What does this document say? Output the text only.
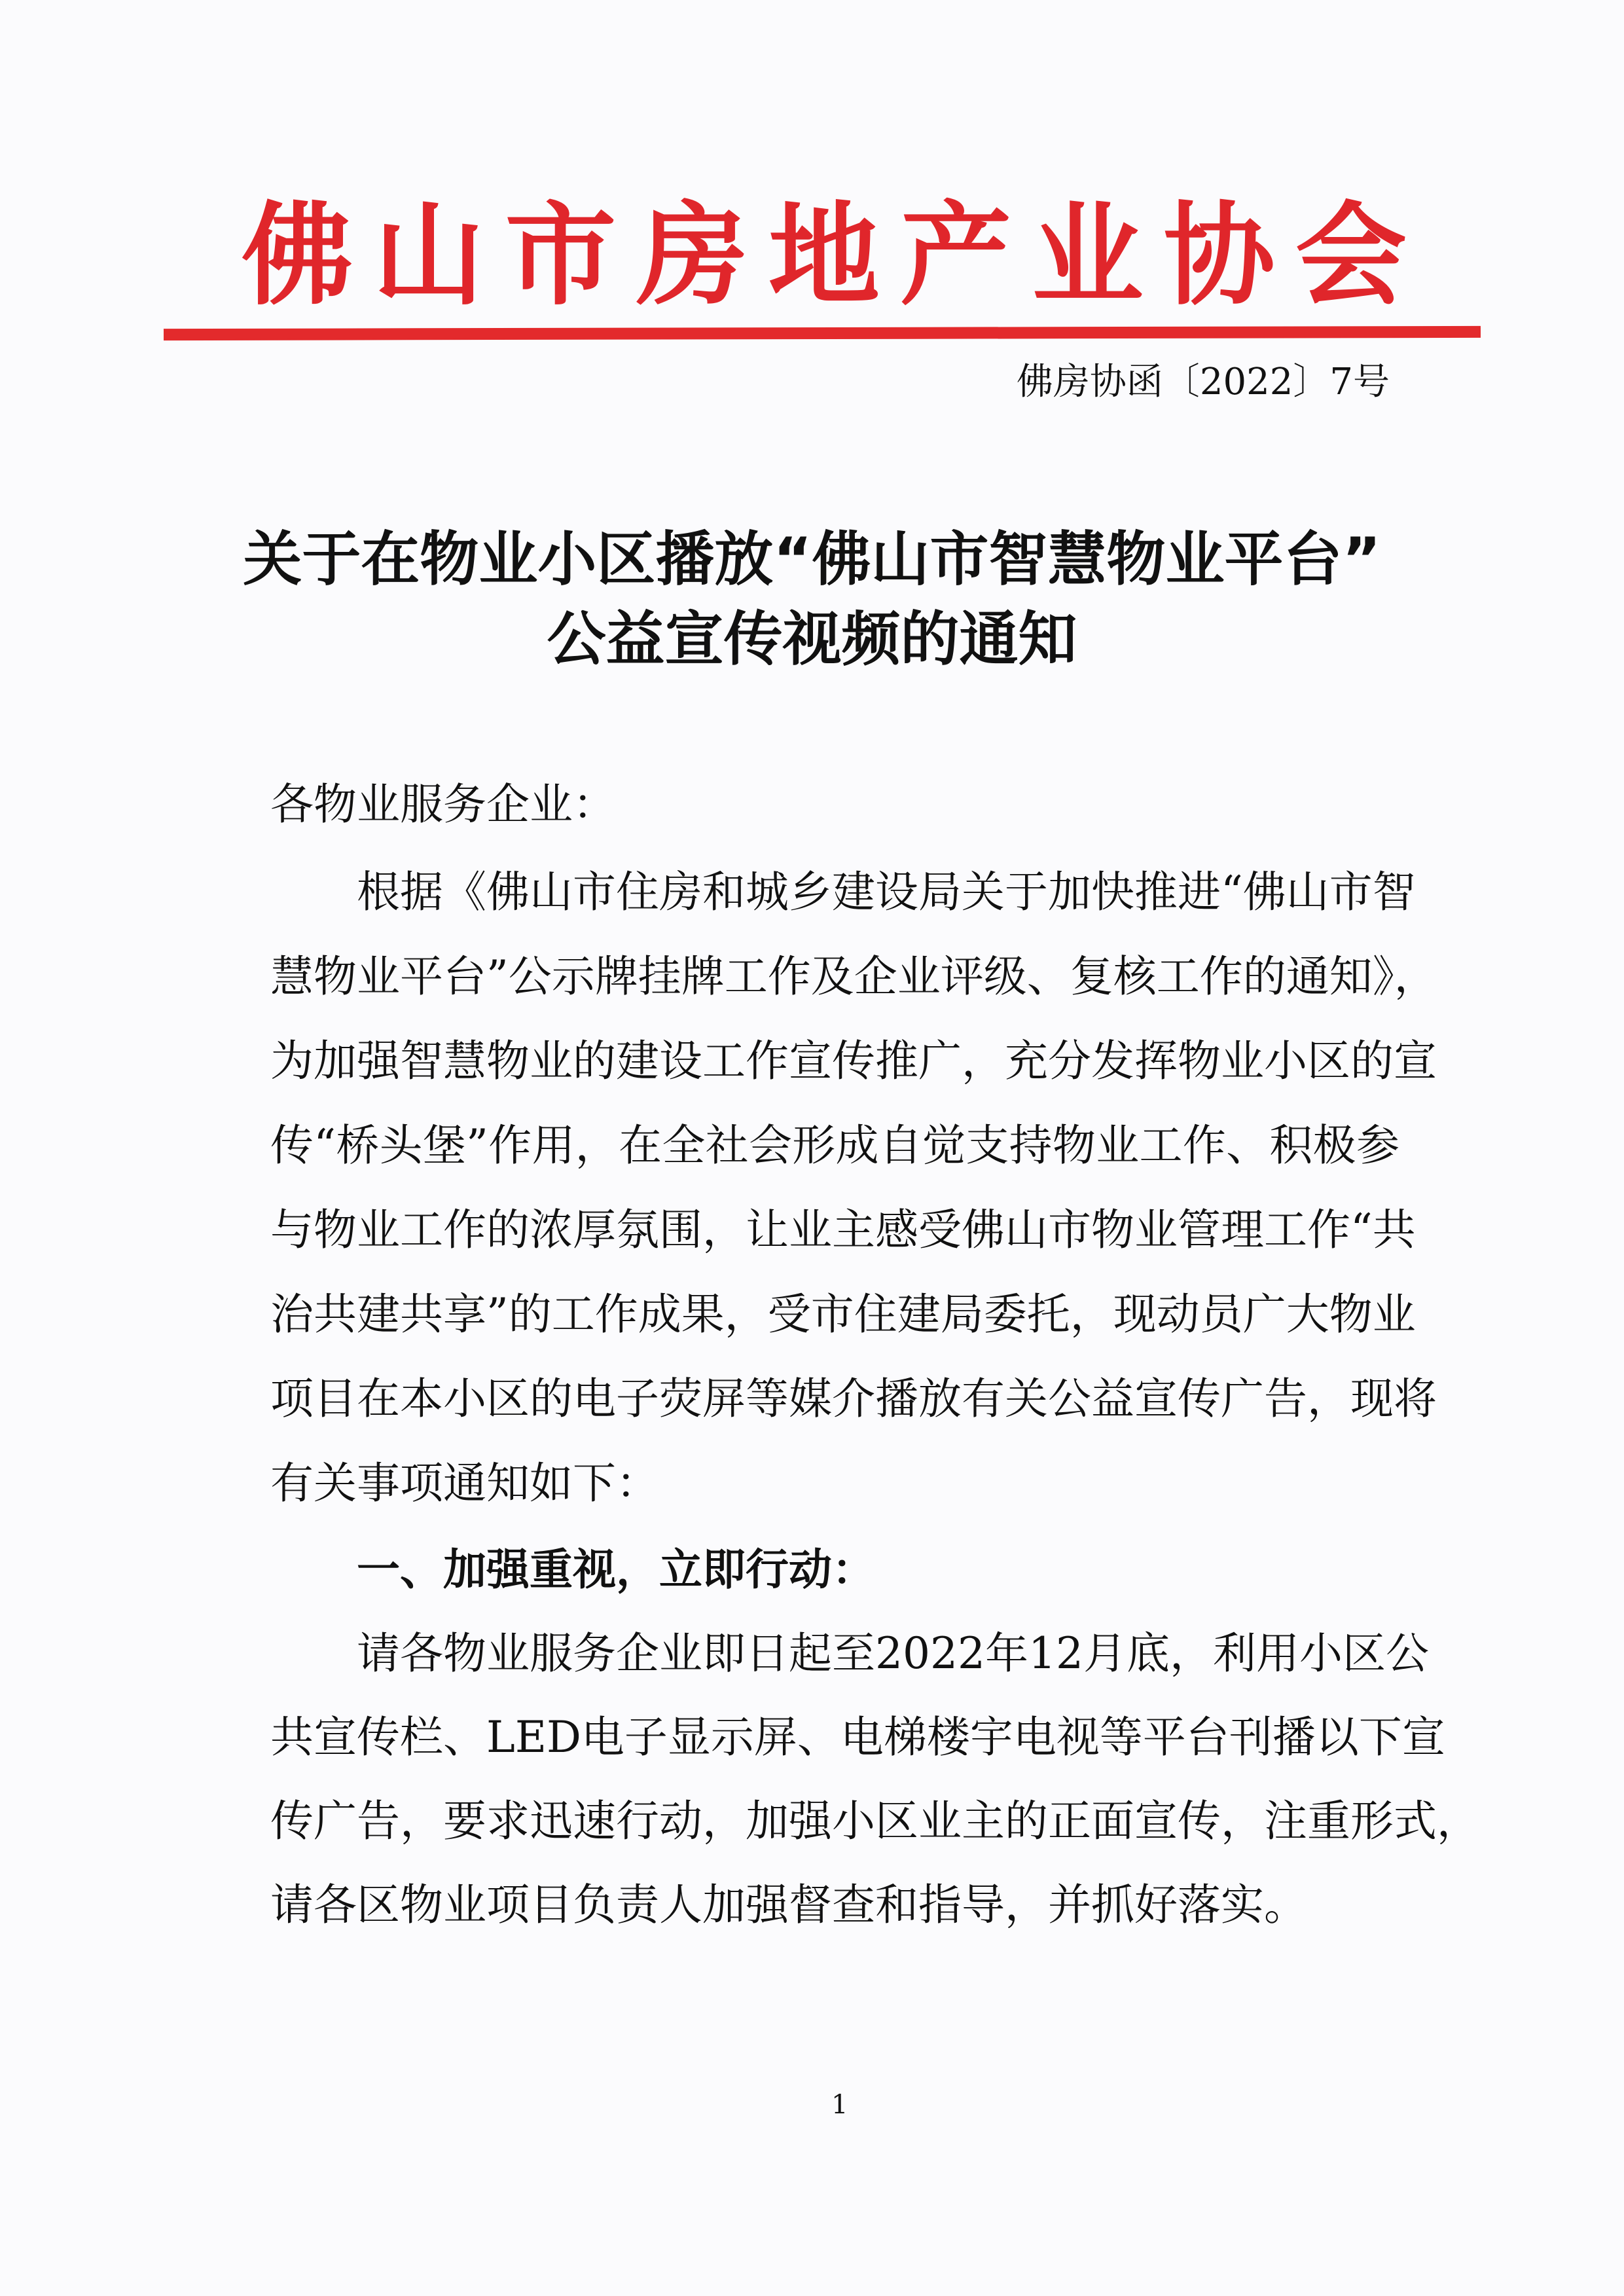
佛 山 市 房 地 产 业 协 会
佛房协函〔2022〕7号
关于在物业小区播放“佛山市智慧物业平台”
公益宣传视频的通知
各物业服务企业：
根据《佛山市住房和城乡建设局关于加快推进“佛山市智
慧物业平台”公示牌挂牌工作及企业评级、复核工作的通知》，
为加强智慧物业的建设工作宣传推广，充分发挥物业小区的宣
传“桥头堡”作用，在全社会形成自觉支持物业工作、积极参
与物业工作的浓厚氛围，让业主感受佛山市物业管理工作“共
治共建共享”的工作成果，受市住建局委托，现动员广大物业
项目在本小区的电子荧屏等媒介播放有关公益宣传广告，现将
有关事项通知如下：
一、加强重视，立即行动：
请各物业服务企业即日起至2022年12月底，利用小区公
共宣传栏、LED电子显示屏、电梯楼宇电视等平台刊播以下宣
传广告，要求迅速行动，加强小区业主的正面宣传，注重形式，
请各区物业项目负责人加强督查和指导，并抓好落实。
1
